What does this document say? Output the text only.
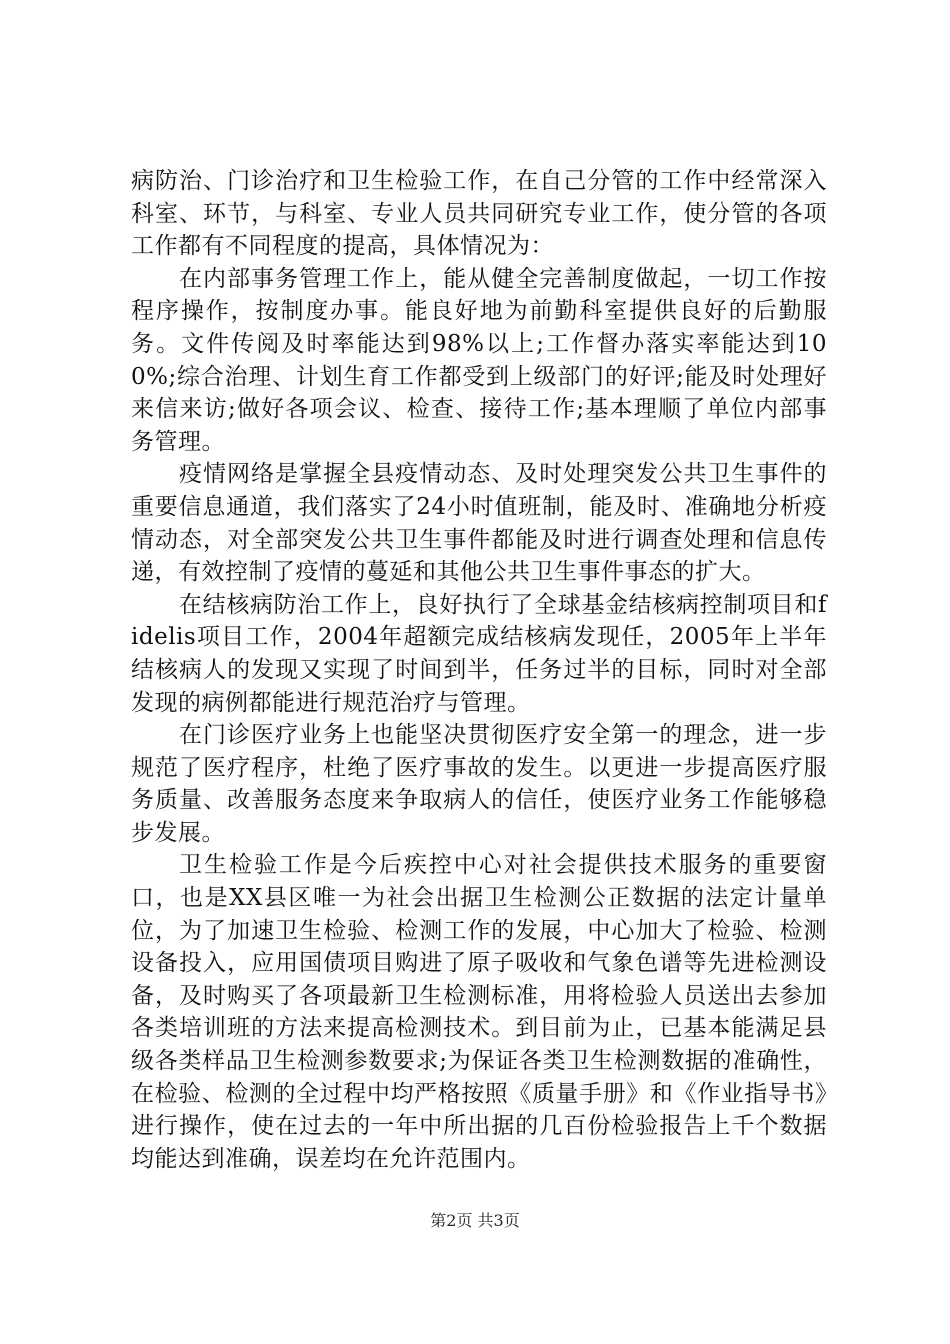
病防治、门诊治疗和卫生检验工作，在自己分管的工作中经常深入科室、环节，与科室、专业人员共同研究专业工作，使分管的各项工作都有不同程度的提高，具体情况为：

在内部事务管理工作上，能从健全完善制度做起，一切工作按程序操作，按制度办事。能良好地为前勤科室提供良好的后勤服务。文件传阅及时率能达到98%以上;工作督办落实率能达到100%;综合治理、计划生育工作都受到上级部门的好评;能及时处理好来信来访;做好各项会议、检查、接待工作;基本理顺了单位内部事务管理。

疫情网络是掌握全县疫情动态、及时处理突发公共卫生事件的重要信息通道，我们落实了24小时值班制，能及时、准确地分析疫情动态，对全部突发公共卫生事件都能及时进行调查处理和信息传递，有效控制了疫情的蔓延和其他公共卫生事件事态的扩大。

在结核病防治工作上，良好执行了全球基金结核病控制项目和fidelis项目工作，2004年超额完成结核病发现任，2005年上半年结核病人的发现又实现了时间到半，任务过半的目标，同时对全部发现的病例都能进行规范治疗与管理。

在门诊医疗业务上也能坚决贯彻医疗安全第一的理念，进一步规范了医疗程序，杜绝了医疗事故的发生。以更进一步提高医疗服务质量、改善服务态度来争取病人的信任，使医疗业务工作能够稳步发展。

卫生检验工作是今后疾控中心对社会提供技术服务的重要窗口，也是XX县区唯一为社会出据卫生检测公正数据的法定计量单位，为了加速卫生检验、检测工作的发展，中心加大了检验、检测设备投入，应用国债项目购进了原子吸收和气象色谱等先进检测设备，及时购买了各项最新卫生检测标准，用将检验人员送出去参加各类培训班的方法来提高检测技术。到目前为止，已基本能满足县级各类样品卫生检测参数要求;为保证各类卫生检测数据的准确性，在检验、检测的全过程中均严格按照《质量手册》和《作业指导书》进行操作，使在过去的一年中所出据的几百份检验报告上千个数据均能达到准确，误差均在允许范围内。

第2页 共3页
